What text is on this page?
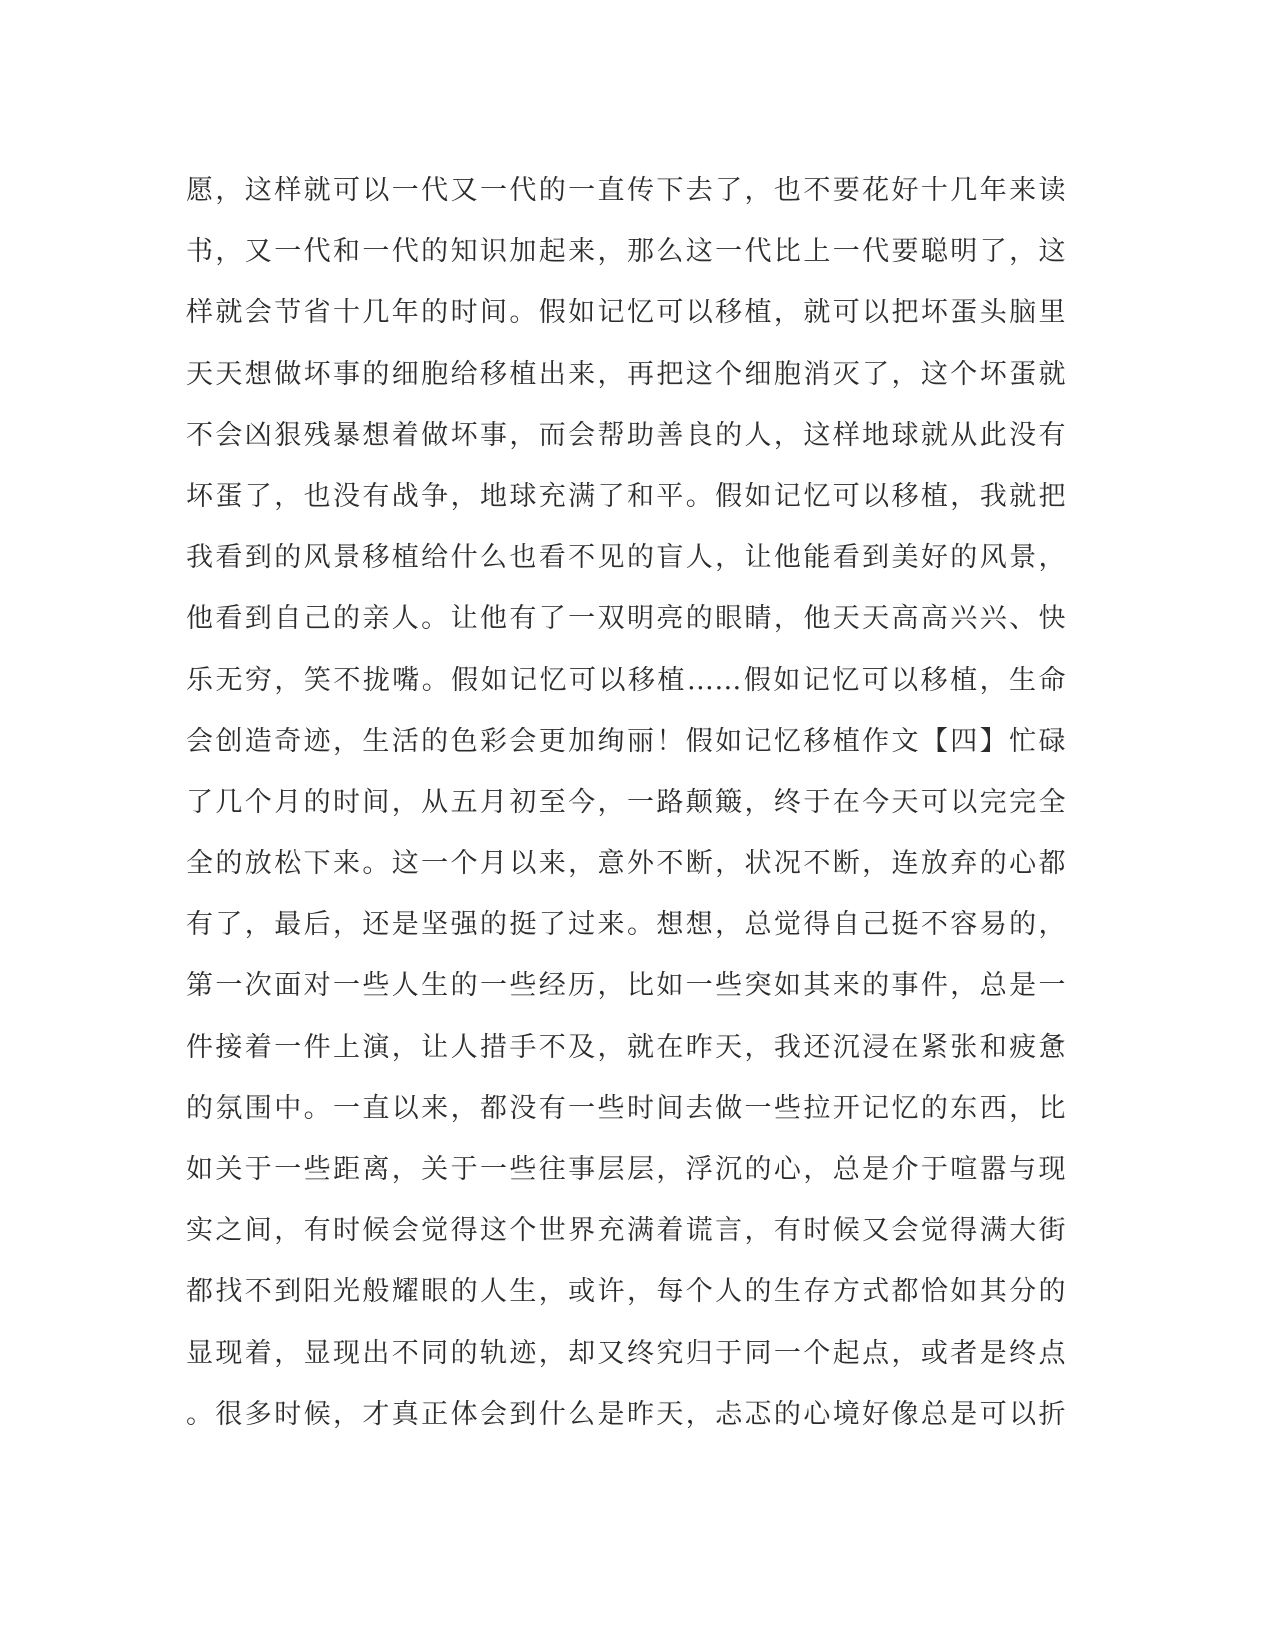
愿，这样就可以一代又一代的一直传下去了，也不要花好十几年来读
书，又一代和一代的知识加起来，那么这一代比上一代要聪明了，这
样就会节省十几年的时间。假如记忆可以移植，就可以把坏蛋头脑里
天天想做坏事的细胞给移植出来，再把这个细胞消灭了，这个坏蛋就
不会凶狠残暴想着做坏事，而会帮助善良的人，这样地球就从此没有
坏蛋了，也没有战争，地球充满了和平。假如记忆可以移植，我就把
我看到的风景移植给什么也看不见的盲人，让他能看到美好的风景，
他看到自己的亲人。让他有了一双明亮的眼睛，他天天高高兴兴、快
乐无穷，笑不拢嘴。假如记忆可以移植……假如记忆可以移植，生命
会创造奇迹，生活的色彩会更加绚丽！假如记忆移植作文【四】忙碌
了几个月的时间，从五月初至今，一路颠簸，终于在今天可以完完全
全的放松下来。这一个月以来，意外不断，状况不断，连放弃的心都
有了，最后，还是坚强的挺了过来。想想，总觉得自己挺不容易的，
第一次面对一些人生的一些经历，比如一些突如其来的事件，总是一
件接着一件上演，让人措手不及，就在昨天，我还沉浸在紧张和疲惫
的氛围中。一直以来，都没有一些时间去做一些拉开记忆的东西，比
如关于一些距离，关于一些往事层层，浮沉的心，总是介于喧嚣与现
实之间，有时候会觉得这个世界充满着谎言，有时候又会觉得满大街
都找不到阳光般耀眼的人生，或许，每个人的生存方式都恰如其分的
显现着，显现出不同的轨迹，却又终究归于同一个起点，或者是终点
。很多时候，才真正体会到什么是昨天，忐忑的心境好像总是可以折
